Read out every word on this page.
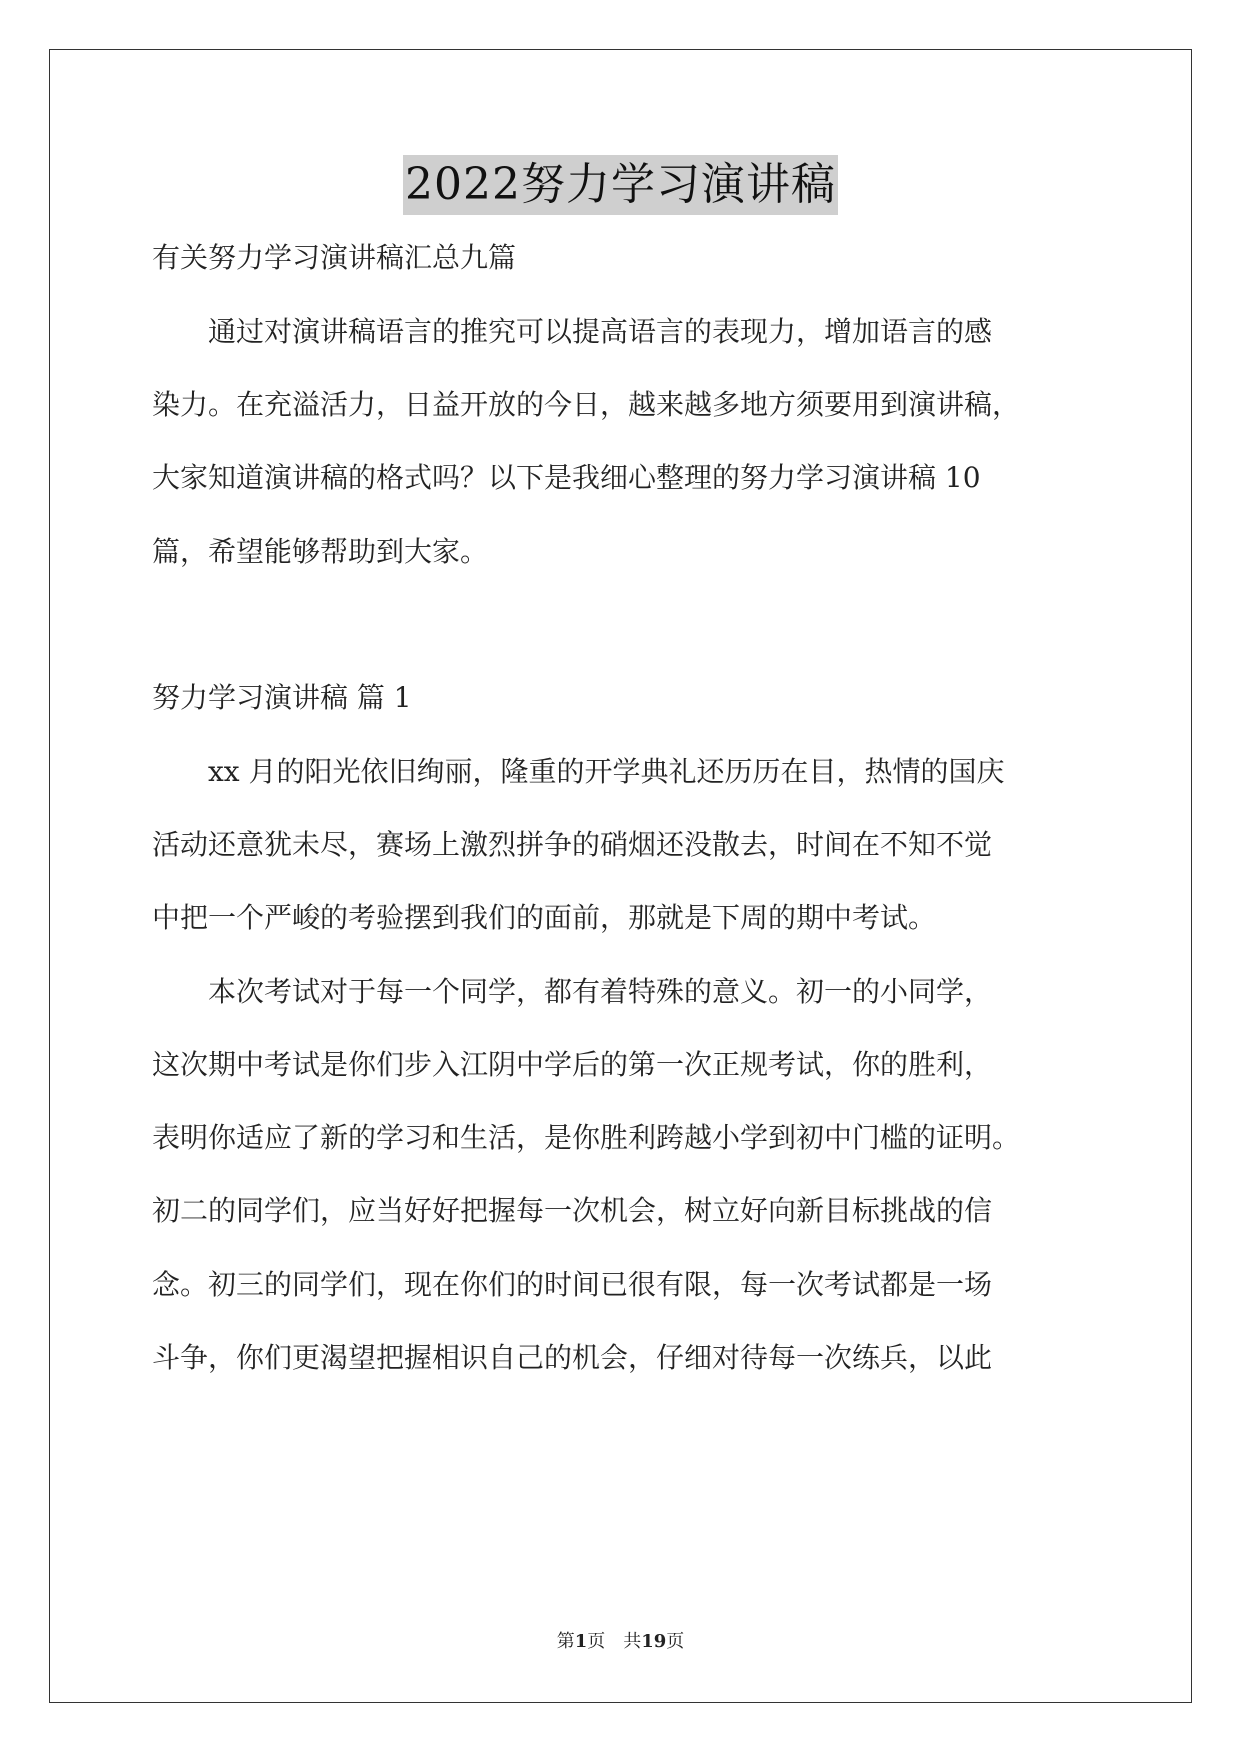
2022努力学习演讲稿
有关努力学习演讲稿汇总九篇
　　通过对演讲稿语言的推究可以提高语言的表现力，增加语言的感
染力。在充溢活力，日益开放的今日，越来越多地方须要用到演讲稿，
大家知道演讲稿的格式吗？以下是我细心整理的努力学习演讲稿 10
篇，希望能够帮助到大家。
努力学习演讲稿 篇 1
　　xx 月的阳光依旧绚丽，隆重的开学典礼还历历在目，热情的国庆
活动还意犹未尽，赛场上激烈拼争的硝烟还没散去，时间在不知不觉
中把一个严峻的考验摆到我们的面前，那就是下周的期中考试。
　　本次考试对于每一个同学，都有着特殊的意义。初一的小同学，
这次期中考试是你们步入江阴中学后的第一次正规考试，你的胜利，
表明你适应了新的学习和生活，是你胜利跨越小学到初中门槛的证明。
初二的同学们，应当好好把握每一次机会，树立好向新目标挑战的信
念。初三的同学们，现在你们的时间已很有限，每一次考试都是一场
斗争，你们更渴望把握相识自己的机会，仔细对待每一次练兵，以此
第1页　共19页
